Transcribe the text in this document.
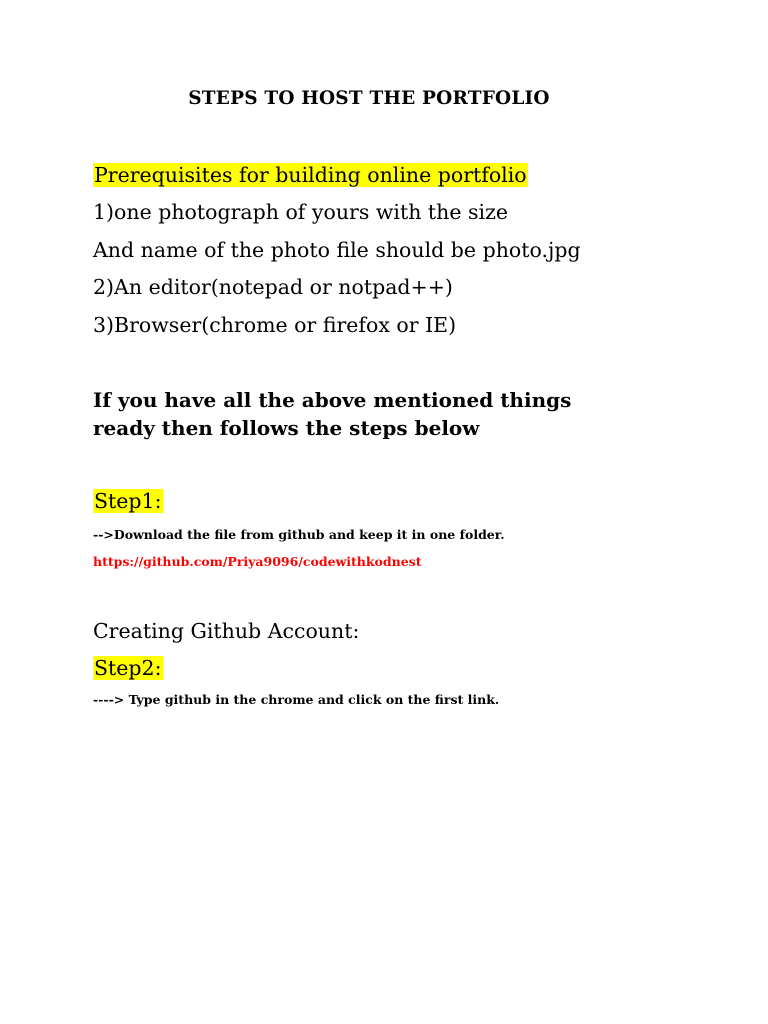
STEPS TO HOST THE PORTFOLIO
Prerequisites for building online portfolio
1)one photograph of yours with the size
And name of the photo file should be photo.jpg
2)An editor(notepad or notpad++)
3)Browser(chrome or firefox or IE)
If you have all the above mentioned things
ready then follows the steps below
Step1:
-->Download the file from github and keep it in one folder.
https://github.com/Priya9096/codewithkodnest
Creating Github Account:
Step2:
----> Type github in the chrome and click on the first link.
